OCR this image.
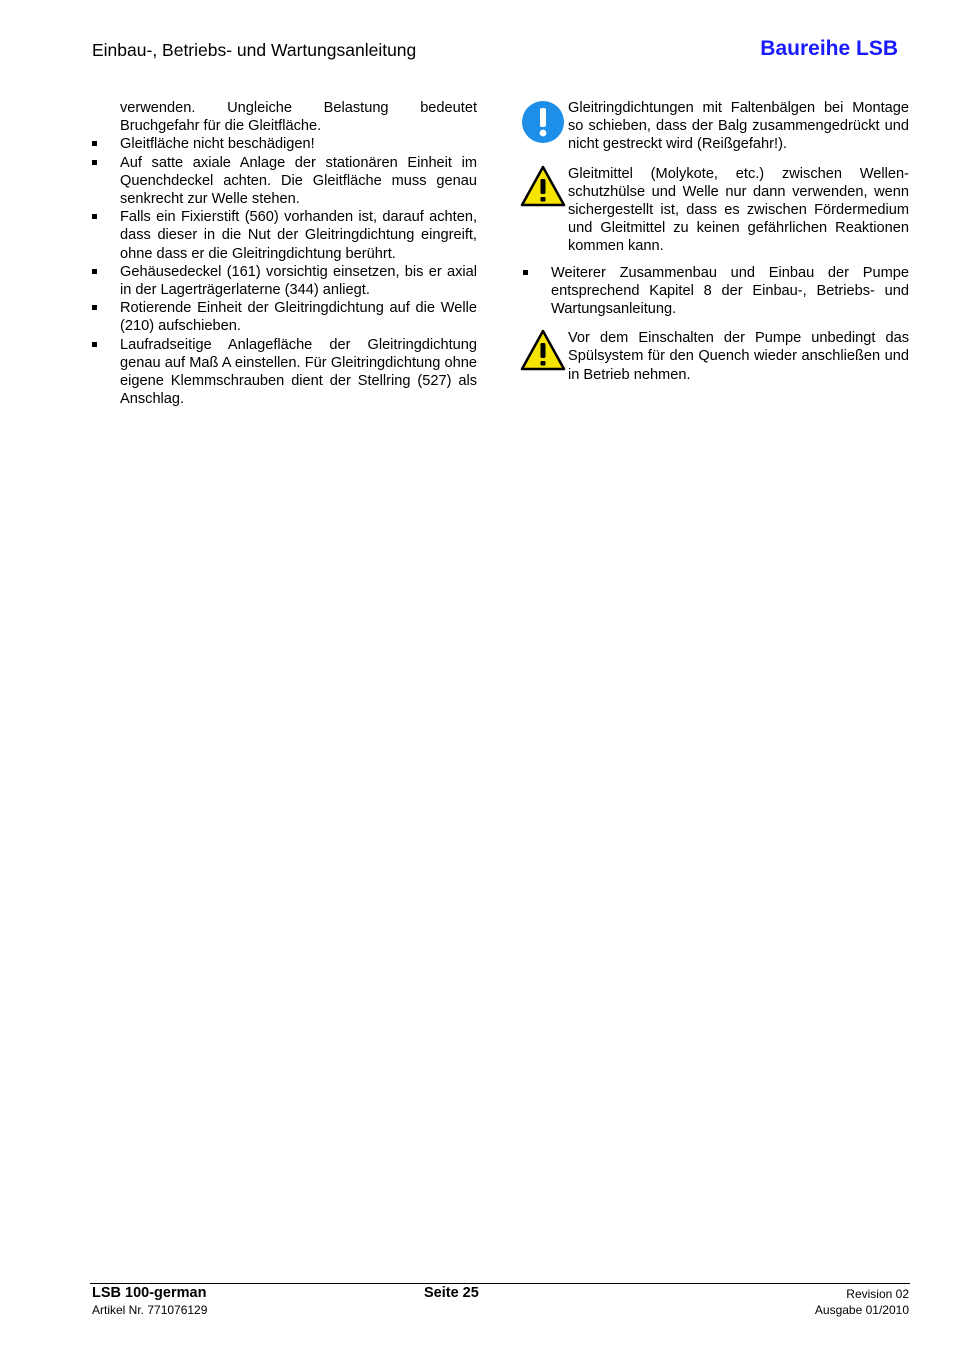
Einbau-, Betriebs- und Wartungsanleitung	Baureihe LSB

verwenden. Ungleiche Belastung bedeutet Bruchgefahr für die Gleitfläche.

Gleitfläche nicht beschädigen!

Auf satte axiale Anlage der stationären Einheit im Quenchdeckel achten. Die Gleitfläche muss genau senkrecht zur Welle stehen.

Falls ein Fixierstift (560) vorhanden ist, darauf achten, dass dieser in die Nut der Gleitringdichtung eingreift, ohne dass er die Gleitringdichtung berührt.

Gehäusedeckel (161) vorsichtig einsetzen, bis er axial in der Lagerträgerlaterne (344) anliegt.

Rotierende Einheit der Gleitringdichtung auf die Welle (210) aufschieben.

Laufradseitige Anlagefläche der Gleitringdichtung genau auf Maß A einstellen. Für Gleitringdichtung ohne eigene Klemmschrauben dient der Stellring (527) als Anschlag.

Gleitringdichtungen mit Faltenbälgen bei Montage so schieben, dass der Balg zusammengedrückt und nicht gestreckt wird (Reißgefahr!).

Gleitmittel (Molykote, etc.) zwischen Wellen-schutzhülse und Welle nur dann verwenden, wenn sichergestellt ist, dass es zwischen Fördermedium und Gleitmittel zu keinen gefährlichen Reaktionen kommen kann.

Weiterer Zusammenbau und Einbau der Pumpe entsprechend Kapitel 8 der Einbau-, Betriebs- und Wartungsanleitung.

Vor dem Einschalten der Pumpe unbedingt das Spülsystem für den Quench wieder anschließen und in Betrieb nehmen.

LSB 100-german
Artikel Nr. 771076129
Seite 25	Revision 02
Ausgabe 01/2010
